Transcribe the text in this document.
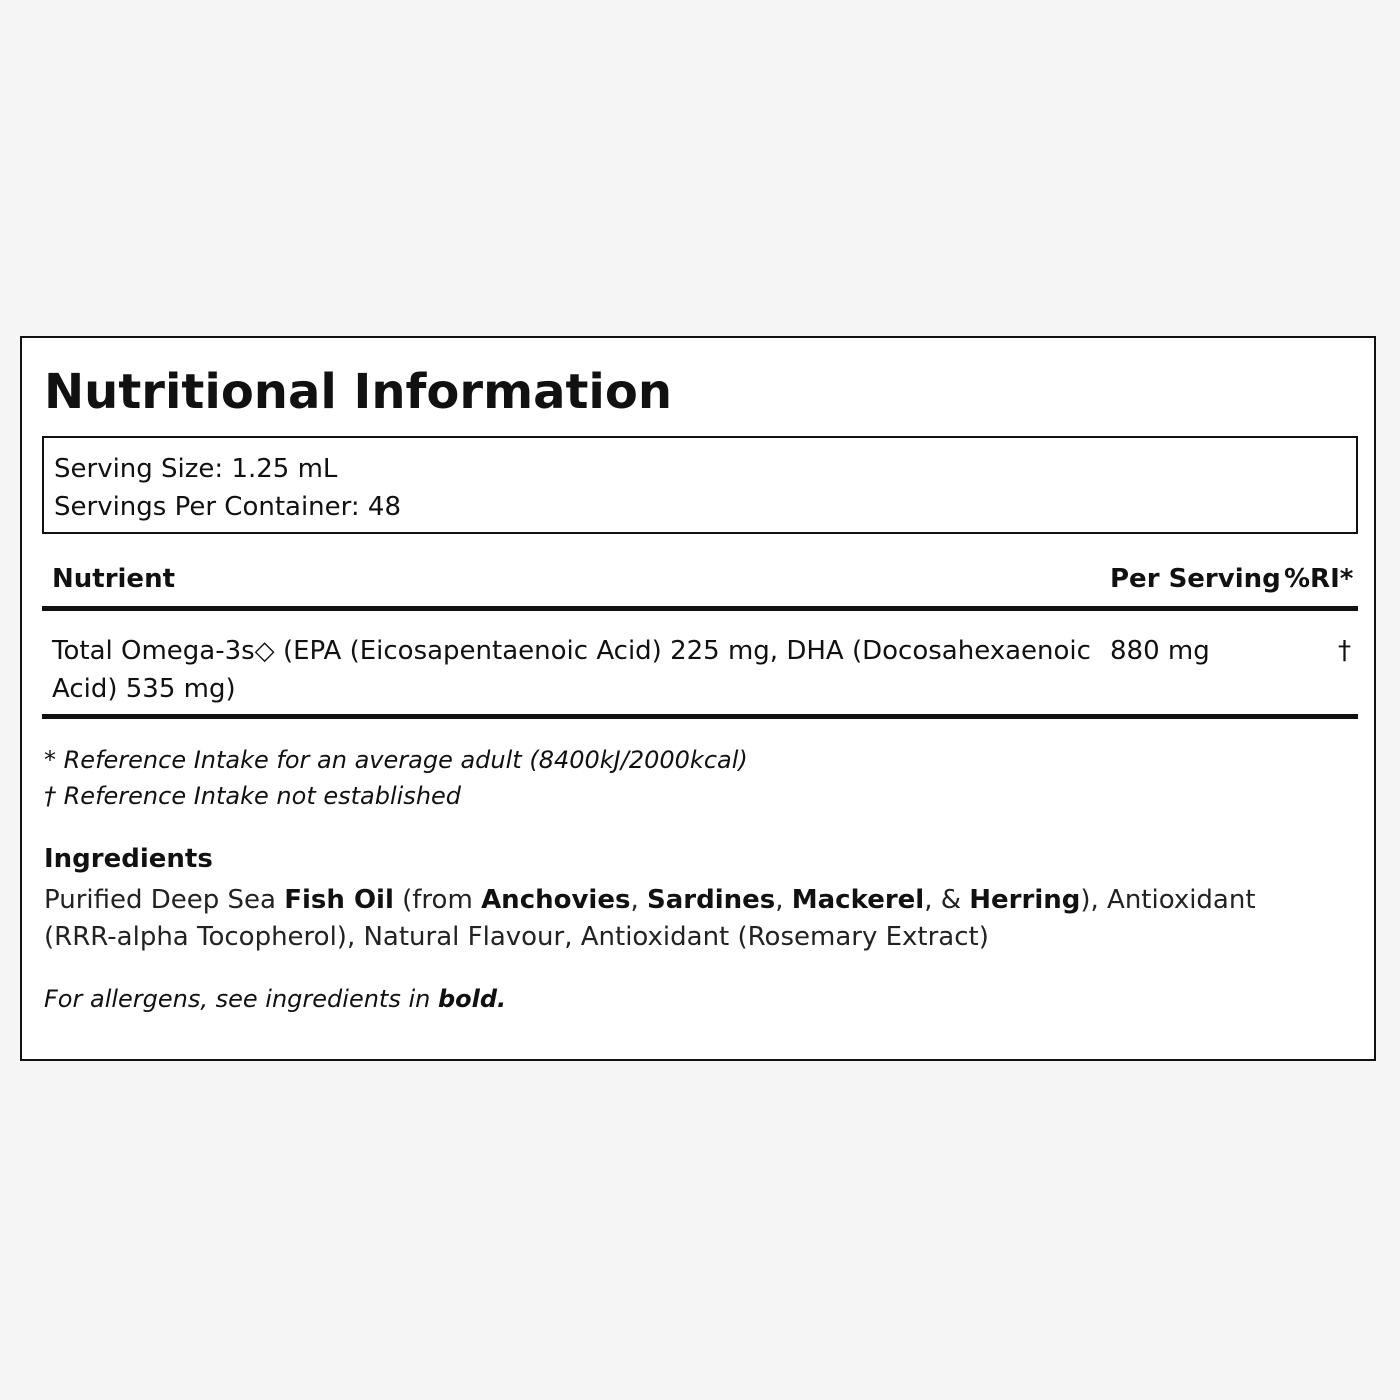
Nutritional Information
Serving Size: 1.25 mL
Servings Per Container: 48
Nutrient	Per Serving %RI*
Total Omega-3s◇ (EPA (Eicosapentaenoic Acid) 225 mg, DHA (Docosahexaenoic Acid) 535 mg)
880 mg	†
* Reference Intake for an average adult (8400kJ/2000kcal)
† Reference Intake not established
Ingredients
Purified Deep Sea Fish Oil (from Anchovies, Sardines, Mackerel, & Herring), Antioxidant (RRR-alpha Tocopherol), Natural Flavour, Antioxidant (Rosemary Extract)
For allergens, see ingredients in bold.
